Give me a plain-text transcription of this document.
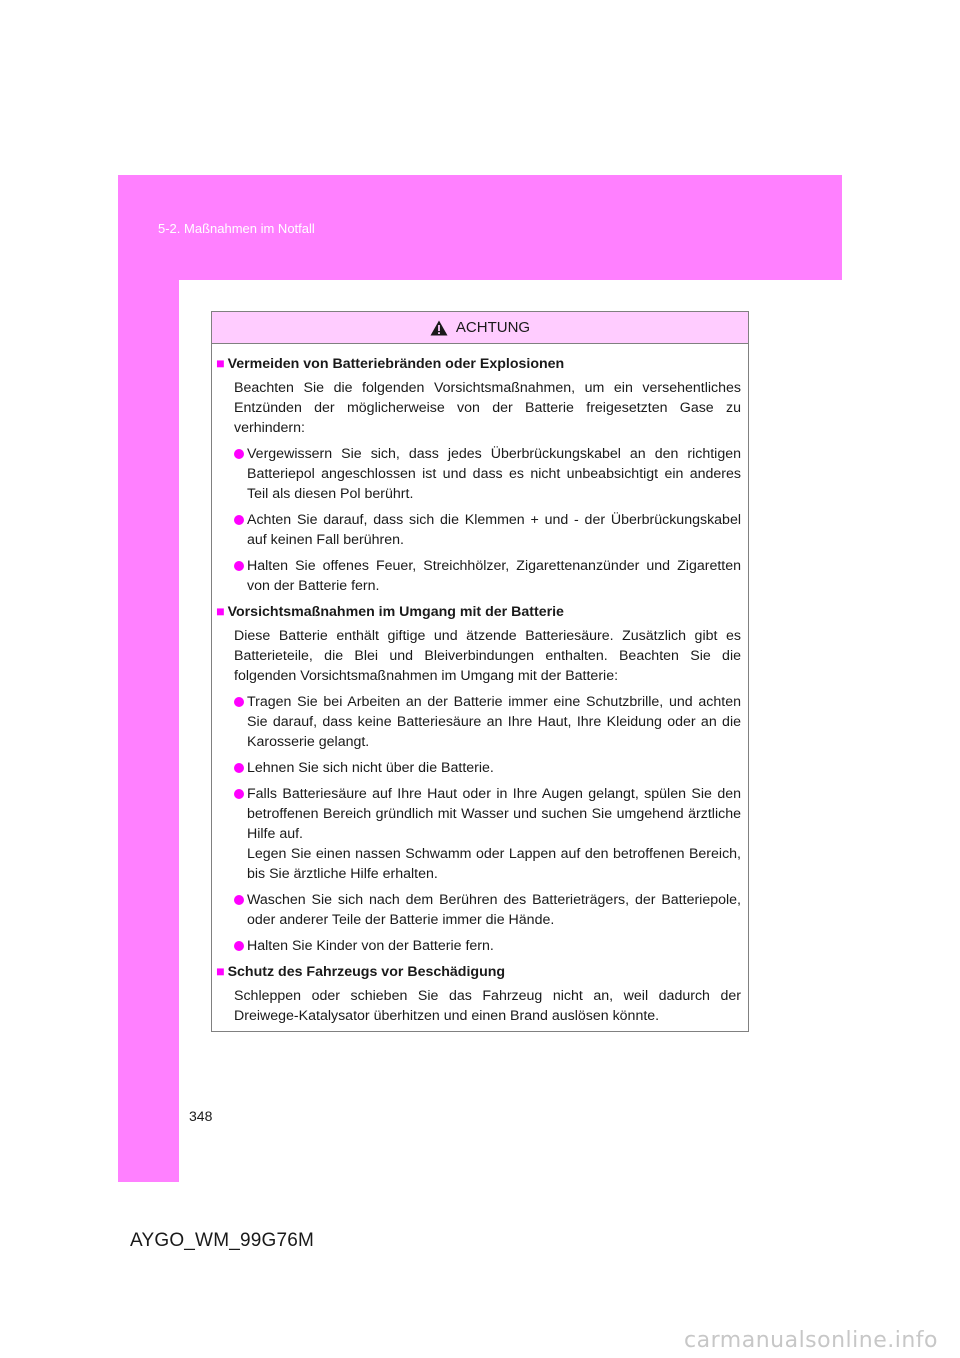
5-2. Maßnahmen im Notfall
ACHTUNG
■ Vermeiden von Batteriebränden oder Explosionen
Beachten Sie die folgenden Vorsichtsmaßnahmen, um ein versehentliches Entzünden der möglicherweise von der Batterie freigesetzten Gase zu verhindern:
Vergewissern Sie sich, dass jedes Überbrückungskabel an den richtigen Batteriepol angeschlossen ist und dass es nicht unbeabsichtigt ein anderes Teil als diesen Pol berührt.
Achten Sie darauf, dass sich die Klemmen + und - der Überbrückungskabel auf keinen Fall berühren.
Halten Sie offenes Feuer, Streichhölzer, Zigarettenanzünder und Zigaretten von der Batterie fern.
■ Vorsichtsmaßnahmen im Umgang mit der Batterie
Diese Batterie enthält giftige und ätzende Batteriesäure. Zusätzlich gibt es Batterieteile, die Blei und Bleiverbindungen enthalten. Beachten Sie die folgenden Vorsichtsmaßnahmen im Umgang mit der Batterie:
Tragen Sie bei Arbeiten an der Batterie immer eine Schutzbrille, und achten Sie darauf, dass keine Batteriesäure an Ihre Haut, Ihre Kleidung oder an die Karosserie gelangt.
Lehnen Sie sich nicht über die Batterie.
Falls Batteriesäure auf Ihre Haut oder in Ihre Augen gelangt, spülen Sie den betroffenen Bereich gründlich mit Wasser und suchen Sie umgehend ärztliche Hilfe auf.
Legen Sie einen nassen Schwamm oder Lappen auf den betroffenen Bereich, bis Sie ärztliche Hilfe erhalten.
Waschen Sie sich nach dem Berühren des Batterieträgers, der Batteriepole, oder anderer Teile der Batterie immer die Hände.
Halten Sie Kinder von der Batterie fern.
■ Schutz des Fahrzeugs vor Beschädigung
Schleppen oder schieben Sie das Fahrzeug nicht an, weil dadurch der Dreiwege-Katalysator überhitzen und einen Brand auslösen könnte.
348
AYGO_WM_99G76M
carmanualsonline.info
